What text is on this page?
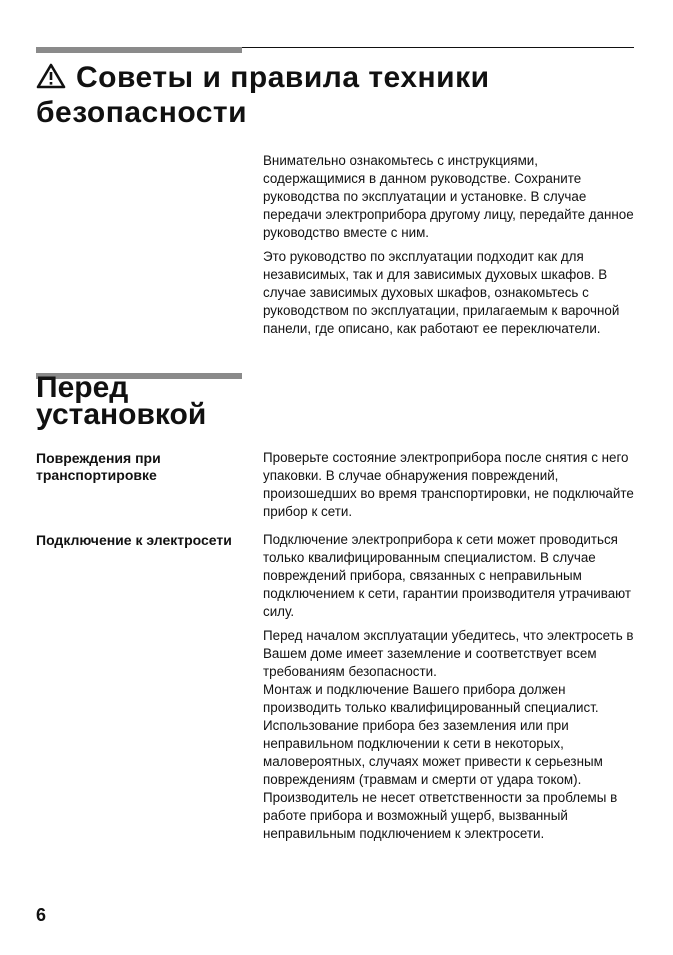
Советы и правила техники безопасности

Внимательно ознакомьтесь с инструкциями, содержащимися в данном руководстве. Сохраните руководства по эксплуатации и установке. В случае передачи электроприбора другому лицу, передайте данное руководство вместе с ним.

Это руководство по эксплуатации подходит как для независимых, так и для зависимых духовых шкафов. В случае зависимых духовых шкафов, ознакомьтесь с руководством по эксплуатации, прилагаемым к варочной панели, где описано, как работают ее переключатели.

Перед
установкой
Повреждения при транспортировке

Проверьте состояние электроприбора после снятия с него упаковки. В случае обнаружения повреждений, произошедших во время транспортировки, не подключайте прибор к сети.

Подключение к электросети	Подключение электроприбора к сети может проводиться только квалифицированным специалистом. В случае повреждений прибора, связанных с неправильным подключением к сети, гарантии производителя утрачивают силу.

Перед началом эксплуатации убедитесь, что электросеть в Вашем доме имеет заземление и соответствует всем требованиям безопасности.

Монтаж и подключение Вашего прибора должен производить только квалифицированный специалист.

Использование прибора без заземления или при неправильном подключении к сети в некоторых, маловероятных, случаях может привести к серьезным повреждениям (травмам и смерти от удара током).

Производитель не несет ответственности за проблемы в работе прибора и возможный ущерб, вызванный неправильным подключением к электросети.

6
